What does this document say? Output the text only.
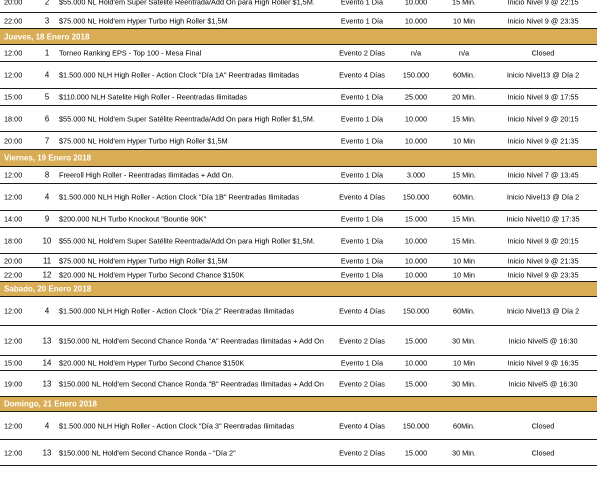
20:00	2	$55.000 NL Hold'em Super Satélite Reentrada/Add On para High Roller $1,5M.	Evento 1 Día	10.000	15 Min.	Inicio Nivel 9 @ 22:15
22:00	3	$75.000 NL Hold'em Hyper Turbo High Roller $1,5M	Evento 1 Día	10.000	10 Min	Inicio Nivel 9 @ 23:35
Jueves, 18 Enero 2018
12:00	1	Torneo Ranking EPS - Top 100 - Mesa Final	Evento 2 Días	n/a	n/a	Closed
12:00	4	$1.500.000 NLH High Roller - Action Clock "Día 1A" Reentradas Ilimitadas	Evento 4 Días	150.000	60Min.	Inicio Nivel13 @ Día 2
15:00	5	$110.000 NLH Satelite High Roller - Reentradas Ilimitadas	Evento 1 Día	25.000	20 Min.	Inicio Nivel 9 @ 17:55
18:00	6	$55.000 NL Hold'em Super Satélite Reentrada/Add On para High Roller $1,5M.	Evento 1 Día	10.000	15 Min.	Inicio Nivel 9 @ 20:15
20:00	7	$75.000 NL Hold'em Hyper Turbo High Roller $1,5M	Evento 1 Día	10.000	10 Min	Inicio Nivel 9 @ 21:35
Viernes, 19 Enero 2018
12:00	8	Freeroll High Roller - Reentradas Ilimitadas + Add On.	Evento 1 Día	3.000	15 Min.	Inicio Nivel 7 @ 13:45
12:00	4	$1.500.000 NLH High Roller - Action Clock "Día 1B" Reentradas Ilimitadas	Evento 4 Días	150.000	60Min.	Inicio Nivel13 @ Día 2
14:00	9	$200.000 NLH Turbo Knockout "Bountie 90K"	Evento 1 Día	15.000	15 Min.	Inicio Nivel10 @ 17:35
18:00	10	$55.000 NL Hold'em Super Satélite Reentrada/Add On para High Roller $1,5M.	Evento 1 Día	10.000	15 Min.	Inicio Nivel 9 @ 20:15
20:00	11	$75.000 NL Hold'em Hyper Turbo High Roller $1,5M	Evento 1 Día	10.000	10 Min	Inicio Nivel 9 @ 21:35
22:00	12	$20.000 NL Hold'em Hyper Turbo Second Chance $150K	Evento 1 Día	10.000	10 Min	Inicio Nivel 9 @ 23:35
Sabado, 20 Enero 2018
12:00	4	$1.500.000 NLH High Roller - Action Clock "Día 2" Reentradas Ilimitadas	Evento 4 Días	150.000	60Min.	Inicio Nivel13 @ Día 2
12:00	13	$150.000 NL Hold'em Second Chance Ronda "A" Reentradas Ilimitadas + Add On	Evento 2 Días	15.000	30 Min.	Inicio Nivel5 @ 16:30
15:00	14	$20.000 NL Hold'em Hyper Turbo Second Chance $150K	Evento 1 Día	10.000	10 Min	Inicio Nivel 9 @ 16:35
19:00	13	$150.000 NL Hold'em Second Chance Ronda "B" Reentradas Ilimitadas + Add On	Evento 2 Días	15.000	30 Min.	Inicio Nivel5 @ 16:30
Domingo, 21 Enero 2018
12:00	4	$1.500.000 NLH High Roller - Action Clock "Día 3" Reentradas Ilimitadas	Evento 4 Días	150.000	60Min.	Closed
12:00	13	$150.000 NL Hold'em Second Chance Ronda - "Día 2"	Evento 2 Días	15.000	30 Min.	Closed
